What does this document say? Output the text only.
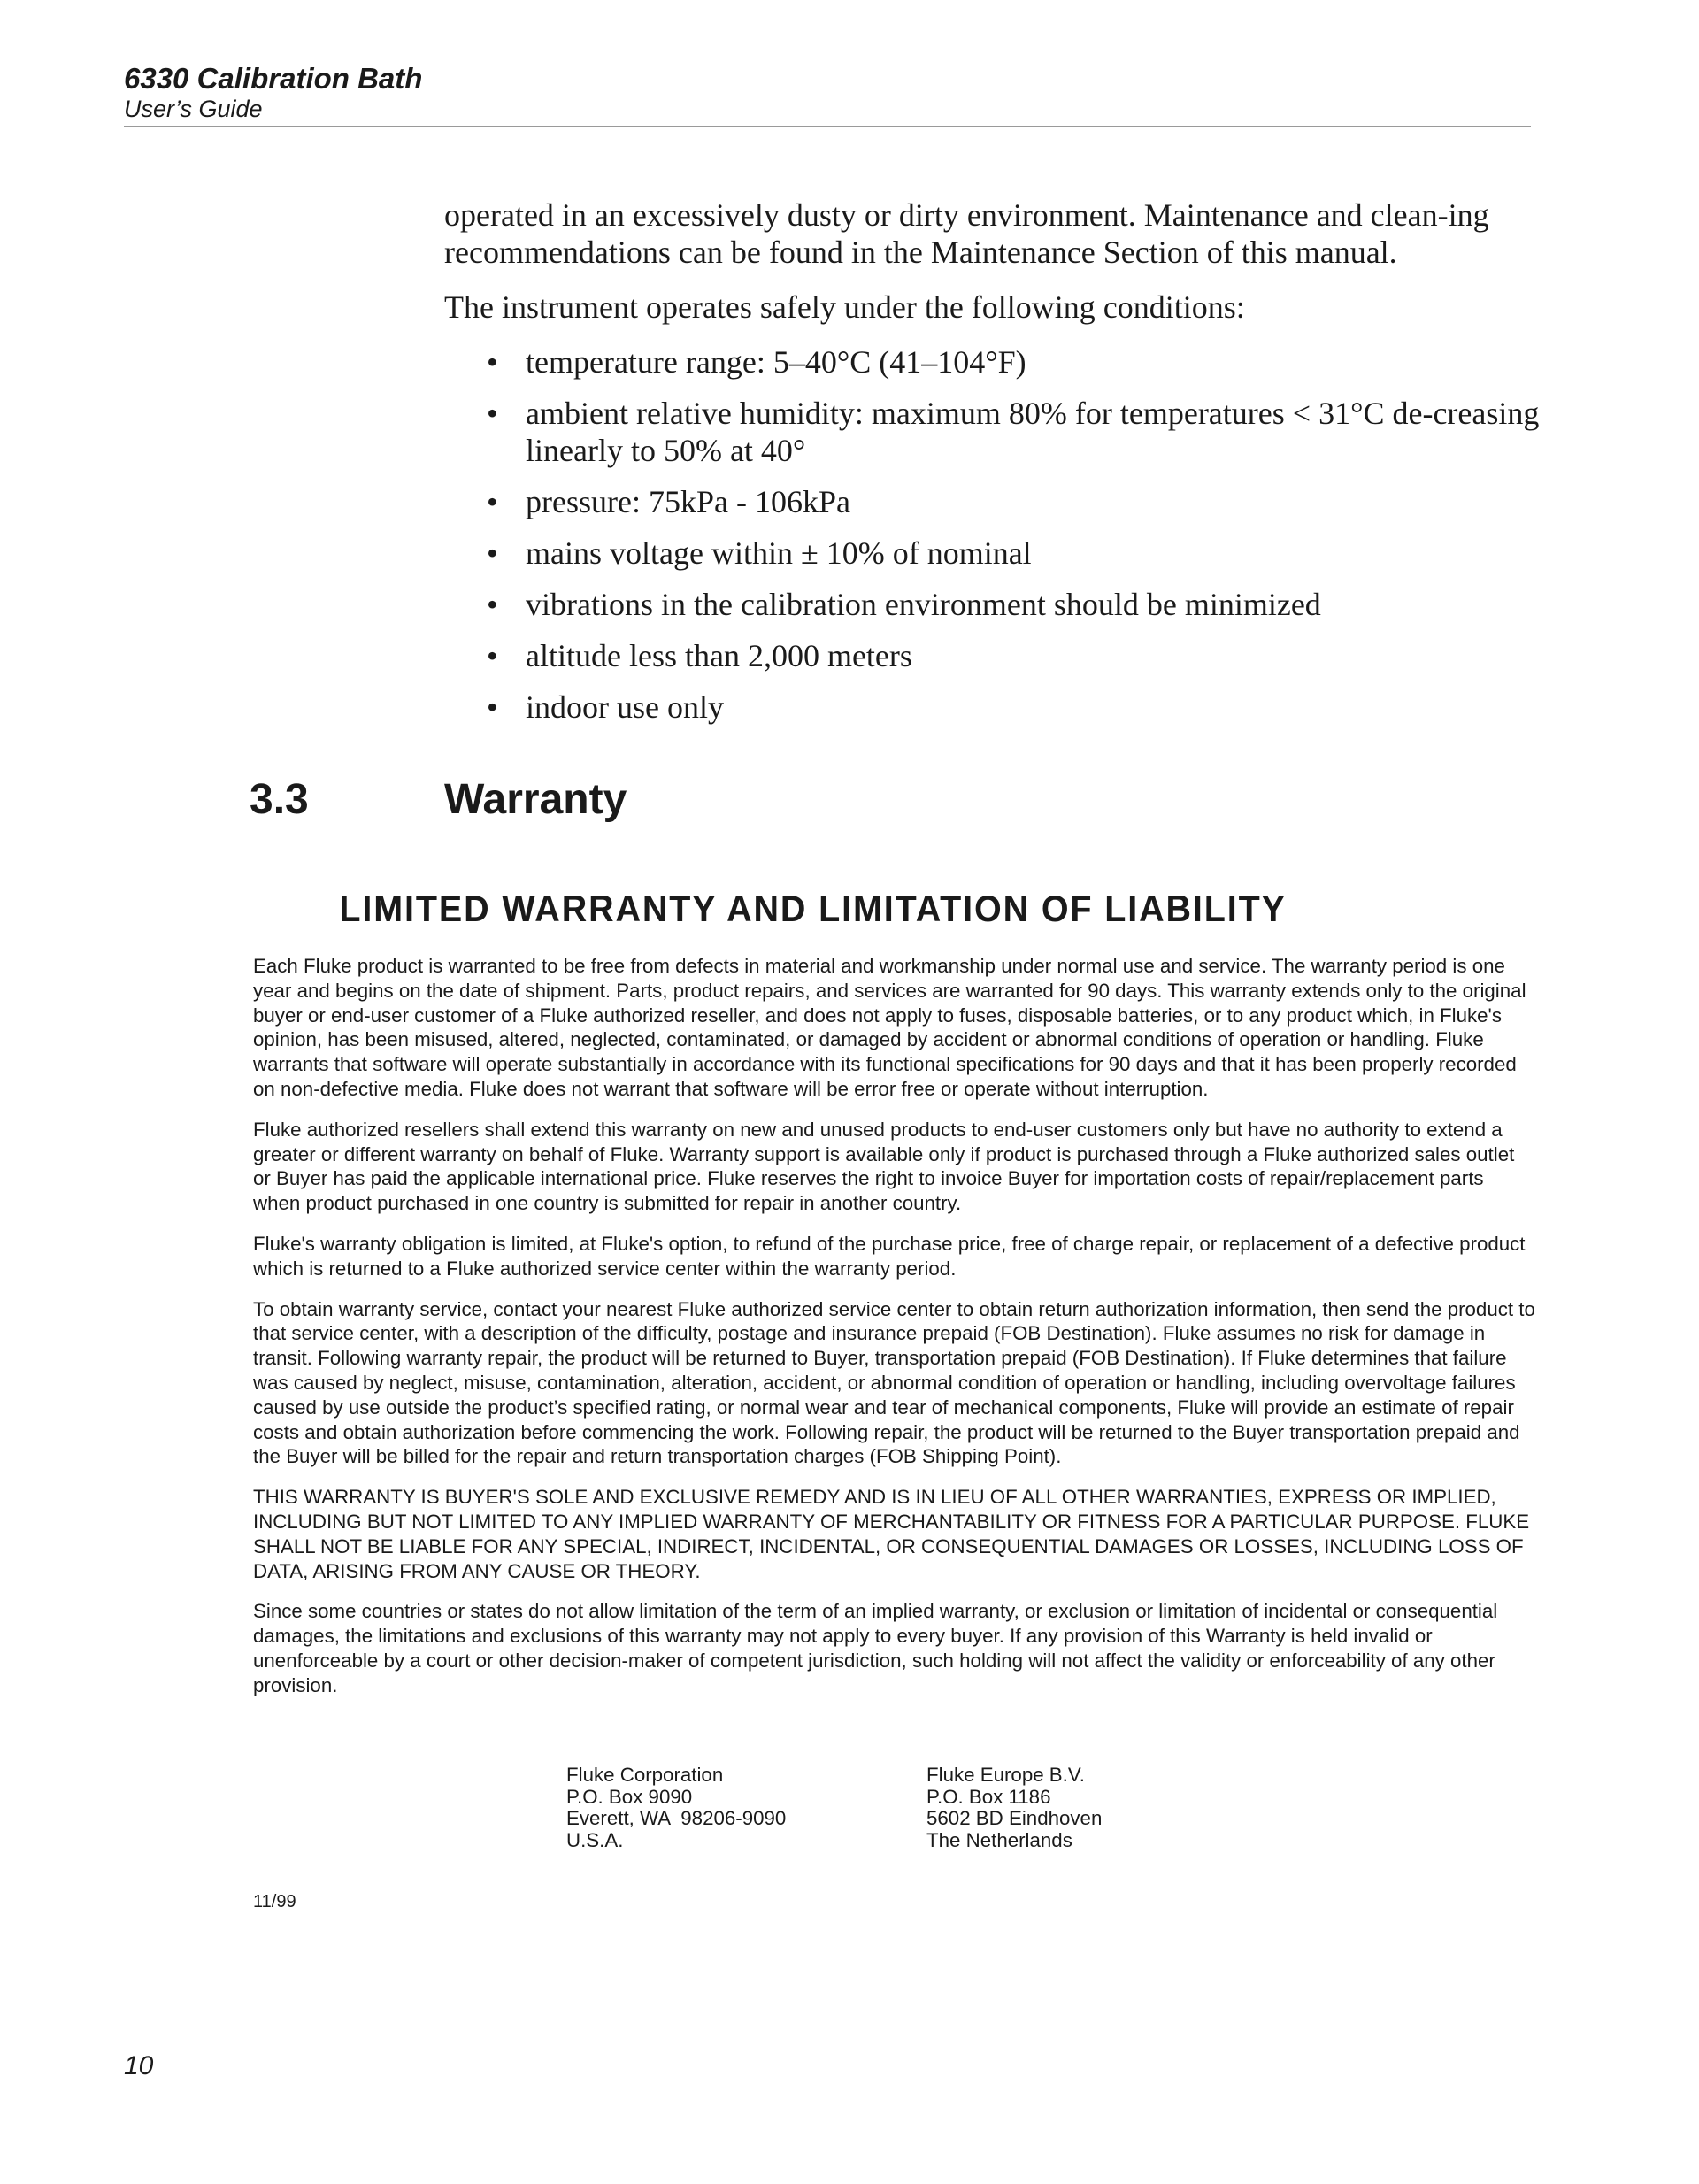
6330 Calibration Bath
User’s Guide

operated in an excessively dusty or dirty environment. Maintenance and clean-ing recommendations can be found in the Maintenance Section of this manual.

The instrument operates safely under the following conditions:

• temperature range: 5–40°C (41–104°F)
• ambient relative humidity: maximum 80% for temperatures < 31°C de-creasing linearly to 50% at 40°
• pressure: 75kPa - 106kPa
• mains voltage within ± 10% of nominal
• vibrations in the calibration environment should be minimized
• altitude less than 2,000 meters
• indoor use only
3.3	Warranty
LIMITED WARRANTY AND LIMITATION OF LIABILITY

Each Fluke product is warranted to be free from defects in material and workmanship under normal use and service. The warranty period is one year and begins on the date of shipment. Parts, product repairs, and services are warranted for 90 days. This warranty extends only to the original buyer or end-user customer of a Fluke authorized reseller, and does not apply to fuses, disposable batteries, or to any product which, in Fluke's opinion, has been misused, altered, neglected, contaminated, or damaged by accident or abnormal conditions of operation or handling. Fluke warrants that software will operate substantially in accordance with its functional specifications for 90 days and that it has been properly recorded on non-defective media. Fluke does not warrant that software will be error free or operate without interruption.

Fluke authorized resellers shall extend this warranty on new and unused products to end-user customers only but have no authority to extend a greater or different warranty on behalf of Fluke. Warranty support is available only if product is purchased through a Fluke authorized sales outlet or Buyer has paid the applicable international price. Fluke reserves the right to invoice Buyer for importation costs of repair/replacement parts when product purchased in one country is submitted for repair in another country.

Fluke's warranty obligation is limited, at Fluke's option, to refund of the purchase price, free of charge repair, or replacement of a defective product which is returned to a Fluke authorized service center within the warranty period.

To obtain warranty service, contact your nearest Fluke authorized service center to obtain return authorization information, then send the product to that service center, with a description of the difficulty, postage and insurance prepaid (FOB Destination). Fluke assumes no risk for damage in transit. Following warranty repair, the product will be returned to Buyer, transportation prepaid (FOB Destination). If Fluke determines that failure was caused by neglect, misuse, contamination, alteration, accident, or abnormal condition of operation or handling, including overvoltage failures caused by use outside the product’s specified rating, or normal wear and tear of mechanical components, Fluke will provide an estimate of repair costs and obtain authorization before commencing the work. Following repair, the product will be returned to the Buyer transportation prepaid and the Buyer will be billed for the repair and return transportation charges (FOB Shipping Point).

THIS WARRANTY IS BUYER'S SOLE AND EXCLUSIVE REMEDY AND IS IN LIEU OF ALL OTHER WARRANTIES, EXPRESS OR IMPLIED, INCLUDING BUT NOT LIMITED TO ANY IMPLIED WARRANTY OF MERCHANTABILITY OR FITNESS FOR A PARTICULAR PURPOSE. FLUKE SHALL NOT BE LIABLE FOR ANY SPECIAL, INDIRECT, INCIDENTAL, OR CONSEQUENTIAL DAMAGES OR LOSSES, INCLUDING LOSS OF DATA, ARISING FROM ANY CAUSE OR THEORY.

Since some countries or states do not allow limitation of the term of an implied warranty, or exclusion or limitation of incidental or consequential damages, the limitations and exclusions of this warranty may not apply to every buyer. If any provision of this Warranty is held invalid or unenforceable by a court or other decision-maker of competent jurisdiction, such holding will not affect the validity or enforceability of any other provision.

Fluke Corporation
P.O. Box 9090
Everett, WA  98206-9090
U.S.A.
Fluke Europe B.V.
P.O. Box 1186
5602 BD Eindhoven
The Netherlands
11/99
10
